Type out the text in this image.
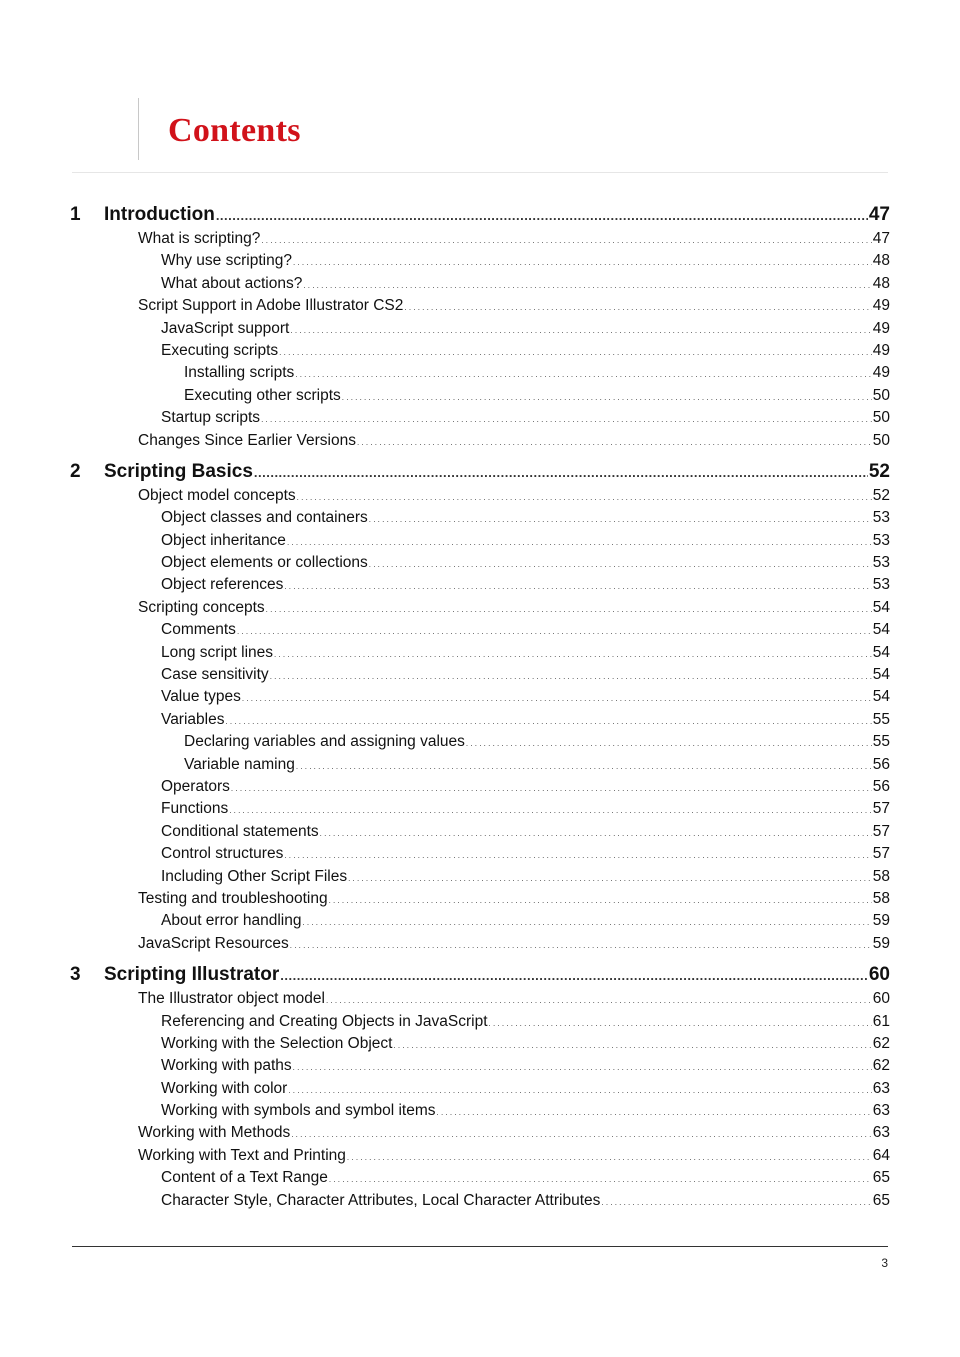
Contents
1	Introduction .....	47
What is scripting? . . .	47
Why use scripting? . . .	48
What about actions? . . .	48
Script Support in Adobe Illustrator CS2 . . .	49
JavaScript support . . .	49
Executing scripts . . .	49
Installing scripts . . .	49
Executing other scripts . . .	50
Startup scripts . . .	50
Changes Since Earlier Versions . . .	50
2	Scripting Basics .....	52
Object model concepts . . .	52
Object classes and containers . . .	53
Object inheritance . . .	53
Object elements or collections . . .	53
Object references . . .	53
Scripting concepts . . .	54
Comments . . .	54
Long script lines . . .	54
Case sensitivity . . .	54
Value types . . .	54
Variables . . .	55
Declaring variables and assigning values . . .	55
Variable naming . . .	56
Operators . . .	56
Functions . . .	57
Conditional statements . . .	57
Control structures . . .	57
Including Other Script Files . . .	58
Testing and troubleshooting . . .	58
About error handling . . .	59
JavaScript Resources . . .	59
3	Scripting Illustrator .....	60
The Illustrator object model . . .	60
Referencing and Creating Objects in JavaScript . . .	61
Working with the Selection Object . . .	62
Working with paths . . .	62
Working with color . . .	63
Working with symbols and symbol items . . .	63
Working with Methods . . .	63
Working with Text and Printing . . .	64
Content of a Text Range . . .	65
Character Style, Character Attributes, Local Character Attributes . . .	65
3
